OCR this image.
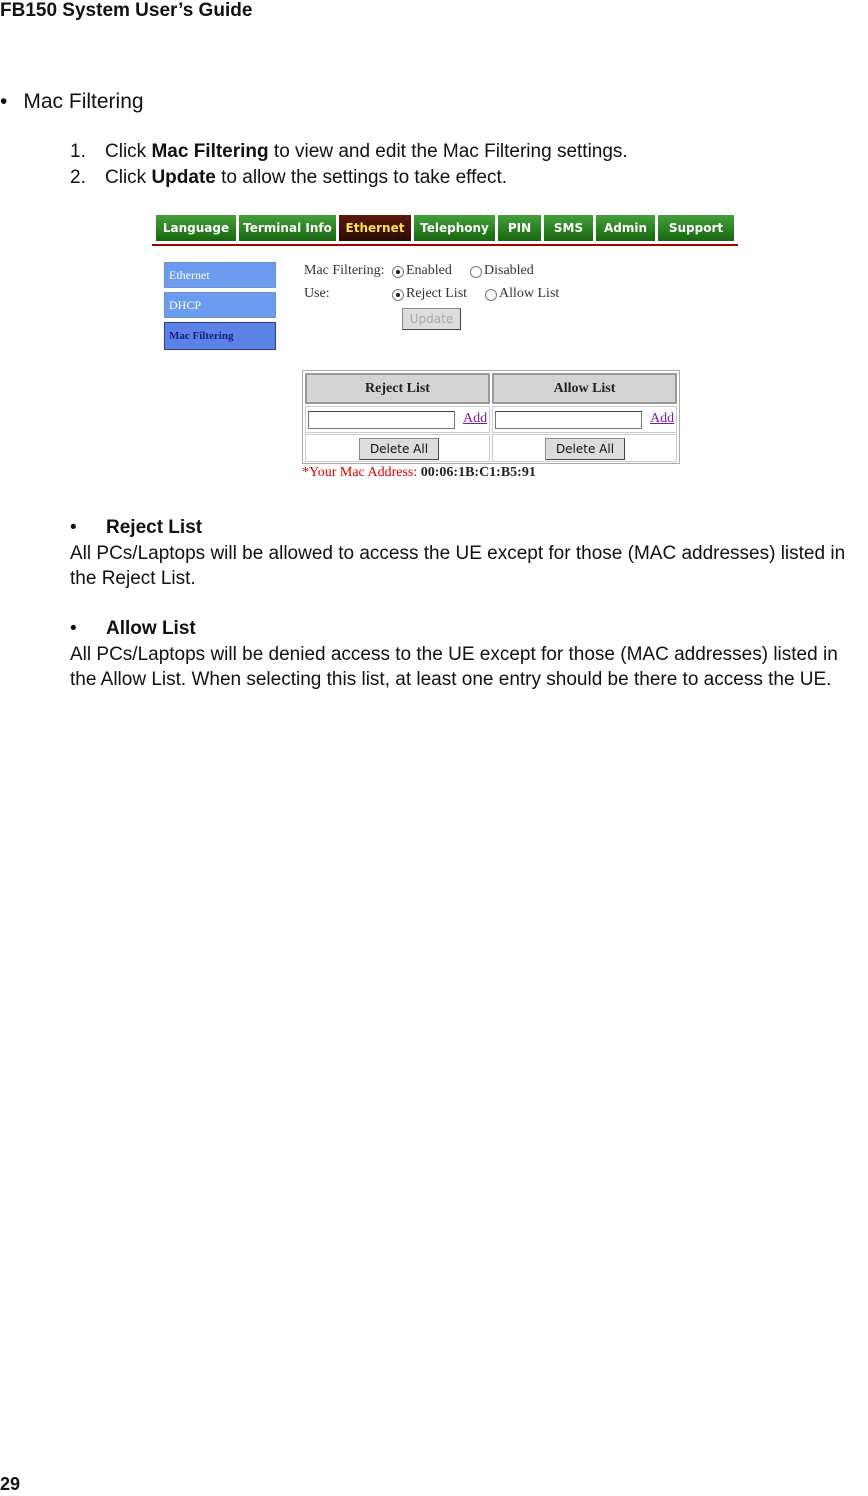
FB150 System User’s Guide
• Mac Filtering
1. Click Mac Filtering to view and edit the Mac Filtering settings.
2. Click Update to allow the settings to take effect.
Language	Terminal Info	Ethernet	Telephony	PIN	SMS	Admin	Support
Ethernet
DHCP
Mac Filtering
Mac Filtering: Enabled Disabled
Use:	Reject List Allow List
Update
Reject List	Allow List
Add	Add
Delete All	Delete All
*Your Mac Address: 00:06:1B:C1:B5:91
• Reject List
All PCs/Laptops will be allowed to access the UE except for those (MAC addresses) listed in the Reject List.
• Allow List
All PCs/Laptops will be denied access to the UE except for those (MAC addresses) listed in the Allow List. When selecting this list, at least one entry should be there to access the UE.
29
